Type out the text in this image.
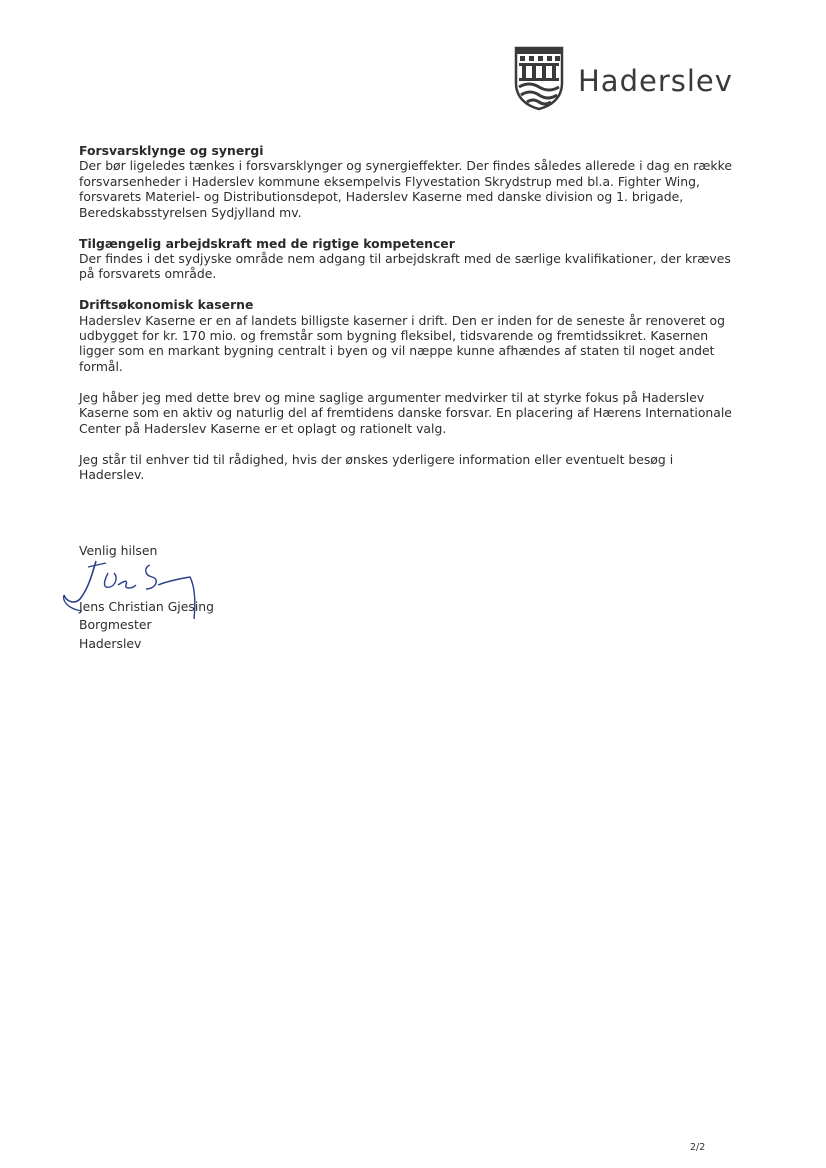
Haderslev
Forsvarsklynge og synergi

Der bør ligeledes tænkes i forsvarsklynger og synergieffekter. Der findes således allerede i dag en række forsvarsenheder i Haderslev kommune eksempelvis Flyvestation Skrydstrup med bl.a. Fighter Wing, forsvarets Materiel- og Distributionsdepot, Haderslev Kaserne med danske division og 1. brigade, Beredskabsstyrelsen Sydjylland mv.

Tilgængelig arbejdskraft med de rigtige kompetencer

Der findes i det sydjyske område nem adgang til arbejdskraft med de særlige kvalifikationer, der kræves på forsvarets område.

Driftsøkonomisk kaserne

Haderslev Kaserne er en af landets billigste kaserner i drift. Den er inden for de seneste år renoveret og udbygget for kr. 170 mio. og fremstår som bygning fleksibel, tidsvarende og fremtidssikret. Kasernen ligger som en markant bygning centralt i byen og vil næppe kunne afhændes af staten til noget andet formål.

Jeg håber jeg med dette brev og mine saglige argumenter medvirker til at styrke fokus på Haderslev Kaserne som en aktiv og naturlig del af fremtidens danske forsvar. En placering af Hærens Internationale Center på Haderslev Kaserne er et oplagt og rationelt valg.

Jeg står til enhver tid til rådighed, hvis der ønskes yderligere information eller eventuelt besøg i Haderslev.

Venlig hilsen
Jens Christian Gjesing
Borgmester
Haderslev
2/2
